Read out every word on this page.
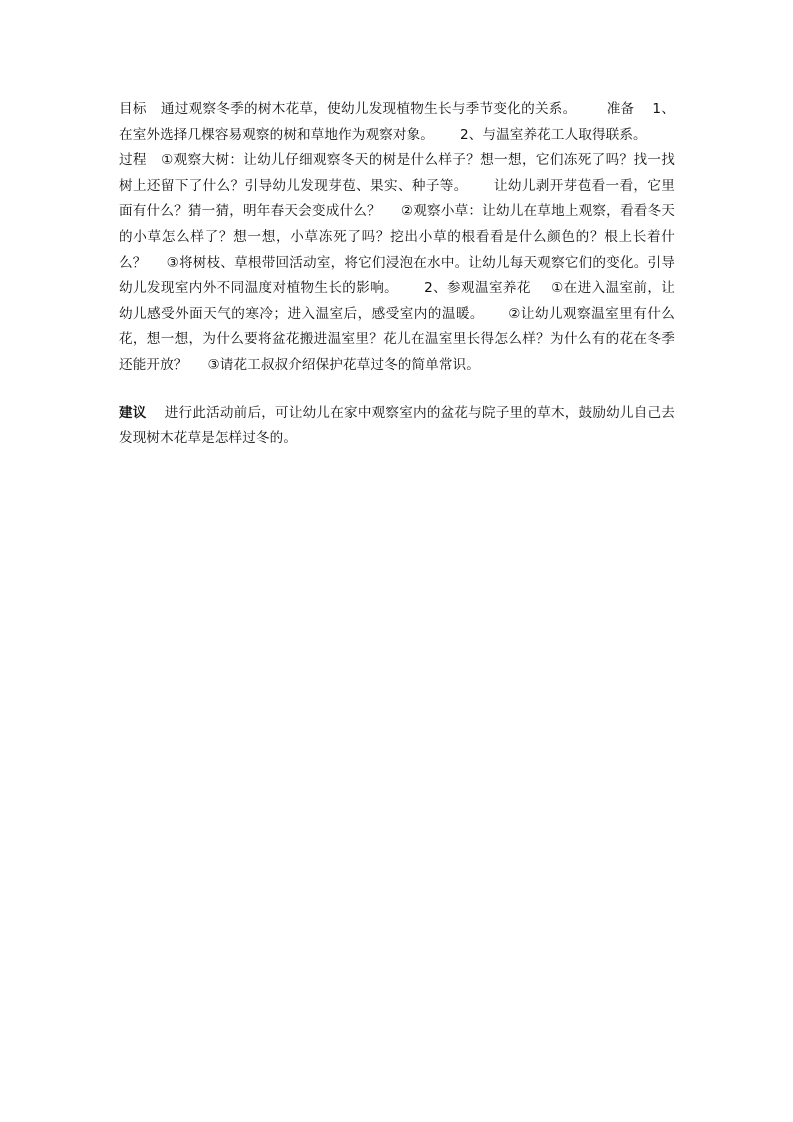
目标 通过观察冬季的树木花草，使幼儿发现植物生长与季节变化的关系。 准备 1、在室外选择几棵容易观察的树和草地作为观察对象。 2、与温室养花工人取得联系。

过程 ①观察大树：让幼儿仔细观察冬天的树是什么样子？想一想，它们冻死了吗？找一找树上还留下了什么？引导幼儿发现芽苞、果实、种子等。 让幼儿剥开芽苞看一看，它里面有什么？猜一猜，明年春天会变成什么？ ②观察小草：让幼儿在草地上观察，看看冬天的小草怎么样了？想一想，小草冻死了吗？挖出小草的根看看是什么颜色的？根上长着什么？ ③将树枝、草根带回活动室，将它们浸泡在水中。让幼儿每天观察它们的变化。引导幼儿发现室内外不同温度对植物生长的影响。 2、参观温室养花 ①在进入温室前，让幼儿感受外面天气的寒冷；进入温室后，感受室内的温暖。 ②让幼儿观察温室里有什么花，想一想，为什么要将盆花搬进温室里？花儿在温室里长得怎么样？为什么有的花在冬季还能开放？ ③请花工叔叔介绍保护花草过冬的简单常识。

建议 进行此活动前后，可让幼儿在家中观察室内的盆花与院子里的草木，鼓励幼儿自己去发现树木花草是怎样过冬的。
